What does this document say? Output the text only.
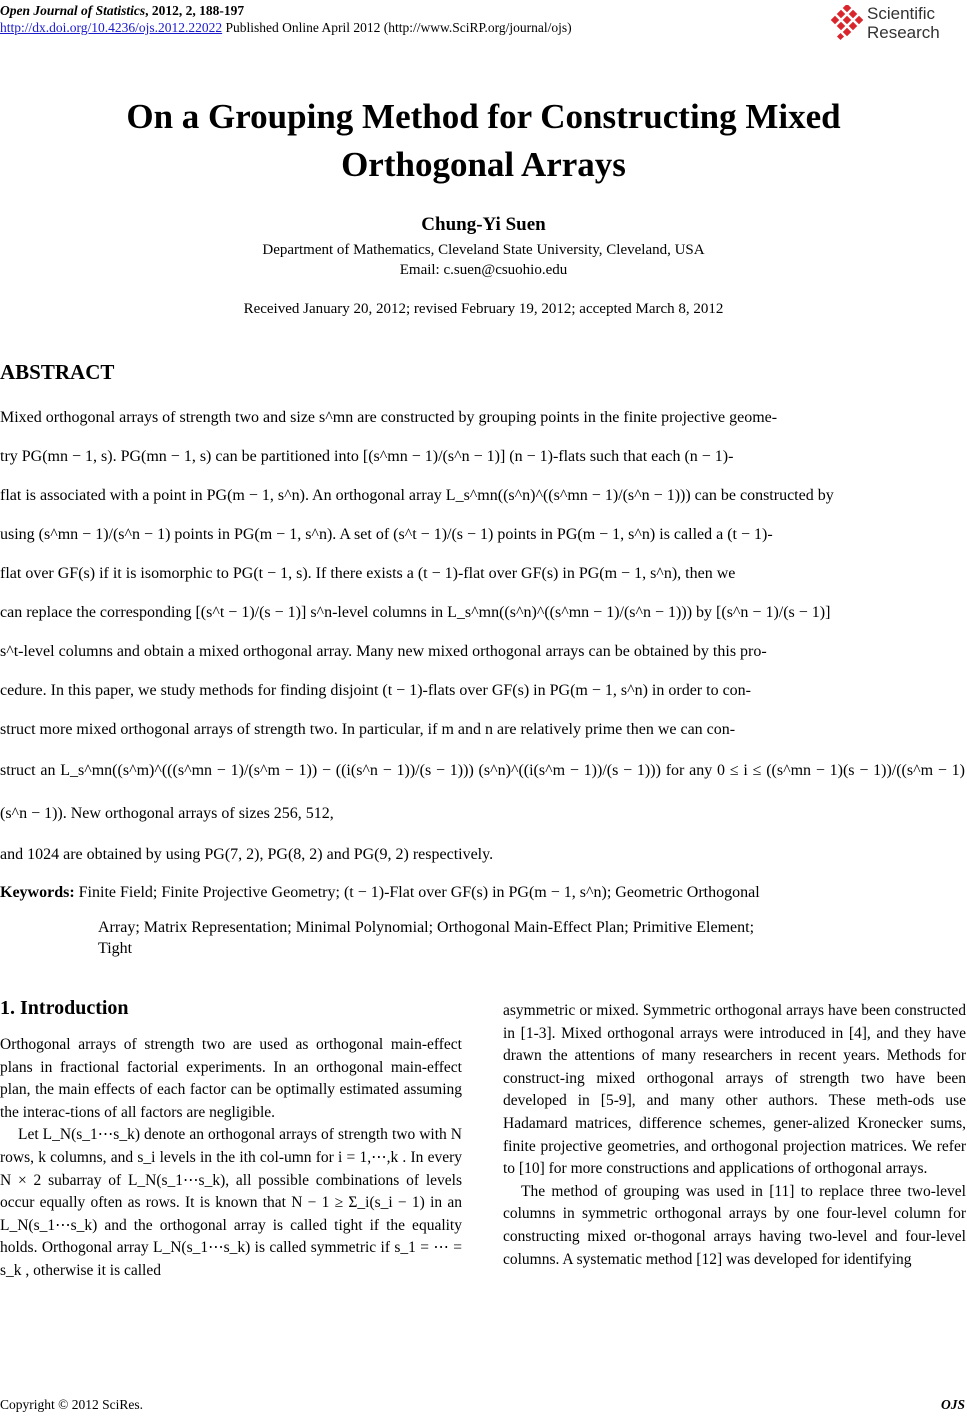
Open Journal of Statistics, 2012, 2, 188-197
http://dx.doi.org/10.4236/ojs.2012.22022 Published Online April 2012 (http://www.SciRP.org/journal/ojs)
Scientific
Research
On a Grouping Method for Constructing Mixed
Orthogonal Arrays
Chung-Yi Suen
Department of Mathematics, Cleveland State University, Cleveland, USA
Email: c.suen@csuohio.edu
Received January 20, 2012; revised February 19, 2012; accepted March 8, 2012
ABSTRACT
Mixed orthogonal arrays of strength two and size s^mn are constructed by grouping points in the finite projective geome-
try PG(mn − 1, s). PG(mn − 1, s) can be partitioned into [(s^mn − 1)/(s^n − 1)] (n − 1)-flats such that each (n − 1)-
flat is associated with a point in PG(m − 1, s^n). An orthogonal array L_s^mn((s^n)^((s^mn − 1)/(s^n − 1))) can be constructed by
using (s^mn − 1)/(s^n − 1) points in PG(m − 1, s^n). A set of (s^t − 1)/(s − 1) points in PG(m − 1, s^n) is called a (t − 1)-
flat over GF(s) if it is isomorphic to PG(t − 1, s). If there exists a (t − 1)-flat over GF(s) in PG(m − 1, s^n), then we
can replace the corresponding [(s^t − 1)/(s − 1)] s^n-level columns in L_s^mn((s^n)^((s^mn − 1)/(s^n − 1))) by [(s^n − 1)/(s − 1)]
s^t-level columns and obtain a mixed orthogonal array. Many new mixed orthogonal arrays can be obtained by this pro-
cedure. In this paper, we study methods for finding disjoint (t − 1)-flats over GF(s) in PG(m − 1, s^n) in order to con-
struct more mixed orthogonal arrays of strength two. In particular, if m and n are relatively prime then we can con-
struct an L_s^mn((s^m)^(((s^mn − 1)/(s^m − 1)) − ((i(s^n − 1))/(s − 1))) (s^n)^((i(s^m − 1))/(s − 1))) for any 0 ≤ i ≤ ((s^mn − 1)(s − 1))/((s^m − 1)(s^n − 1)). New orthogonal arrays of sizes 256, 512,
and 1024 are obtained by using PG(7, 2), PG(8, 2) and PG(9, 2) respectively.
Keywords: Finite Field; Finite Projective Geometry; (t − 1)-Flat over GF(s) in PG(m − 1, s^n); Geometric Orthogonal
Array; Matrix Representation; Minimal Polynomial; Orthogonal Main-Effect Plan; Primitive Element;
Tight
1. Introduction

Orthogonal arrays of strength two are used as orthogonal main-effect plans in fractional factorial experiments. In an orthogonal main-effect plan, the main effects of each factor can be optimally estimated assuming the interac-tions of all factors are negligible.

Let L_N(s_1⋯s_k) denote an orthogonal arrays of strength two with N rows, k columns, and s_i levels in the ith col-umn for i = 1,⋯,k . In every N × 2 subarray of L_N(s_1⋯s_k), all possible combinations of levels occur equally often as rows. It is known that N − 1 ≥ Σ_i(s_i − 1) in an L_N(s_1⋯s_k) and the orthogonal array is called tight if the equality holds. Orthogonal array L_N(s_1⋯s_k) is called symmetric if s_1 = ⋯ = s_k , otherwise it is called

asymmetric or mixed. Symmetric orthogonal arrays have been constructed in [1-3]. Mixed orthogonal arrays were introduced in [4], and they have drawn the attentions of many researchers in recent years. Methods for construct-ing mixed orthogonal arrays of strength two have been developed in [5-9], and many other authors. These meth-ods use Hadamard matrices, difference schemes, gener-alized Kronecker sums, finite projective geometries, and orthogonal projection matrices. We refer to [10] for more constructions and applications of orthogonal arrays.

The method of grouping was used in [11] to replace three two-level columns in symmetric orthogonal arrays by one four-level column for constructing mixed or-thogonal arrays having two-level and four-level columns. A systematic method [12] was developed for identifying

Copyright © 2012 SciRes.	OJS
